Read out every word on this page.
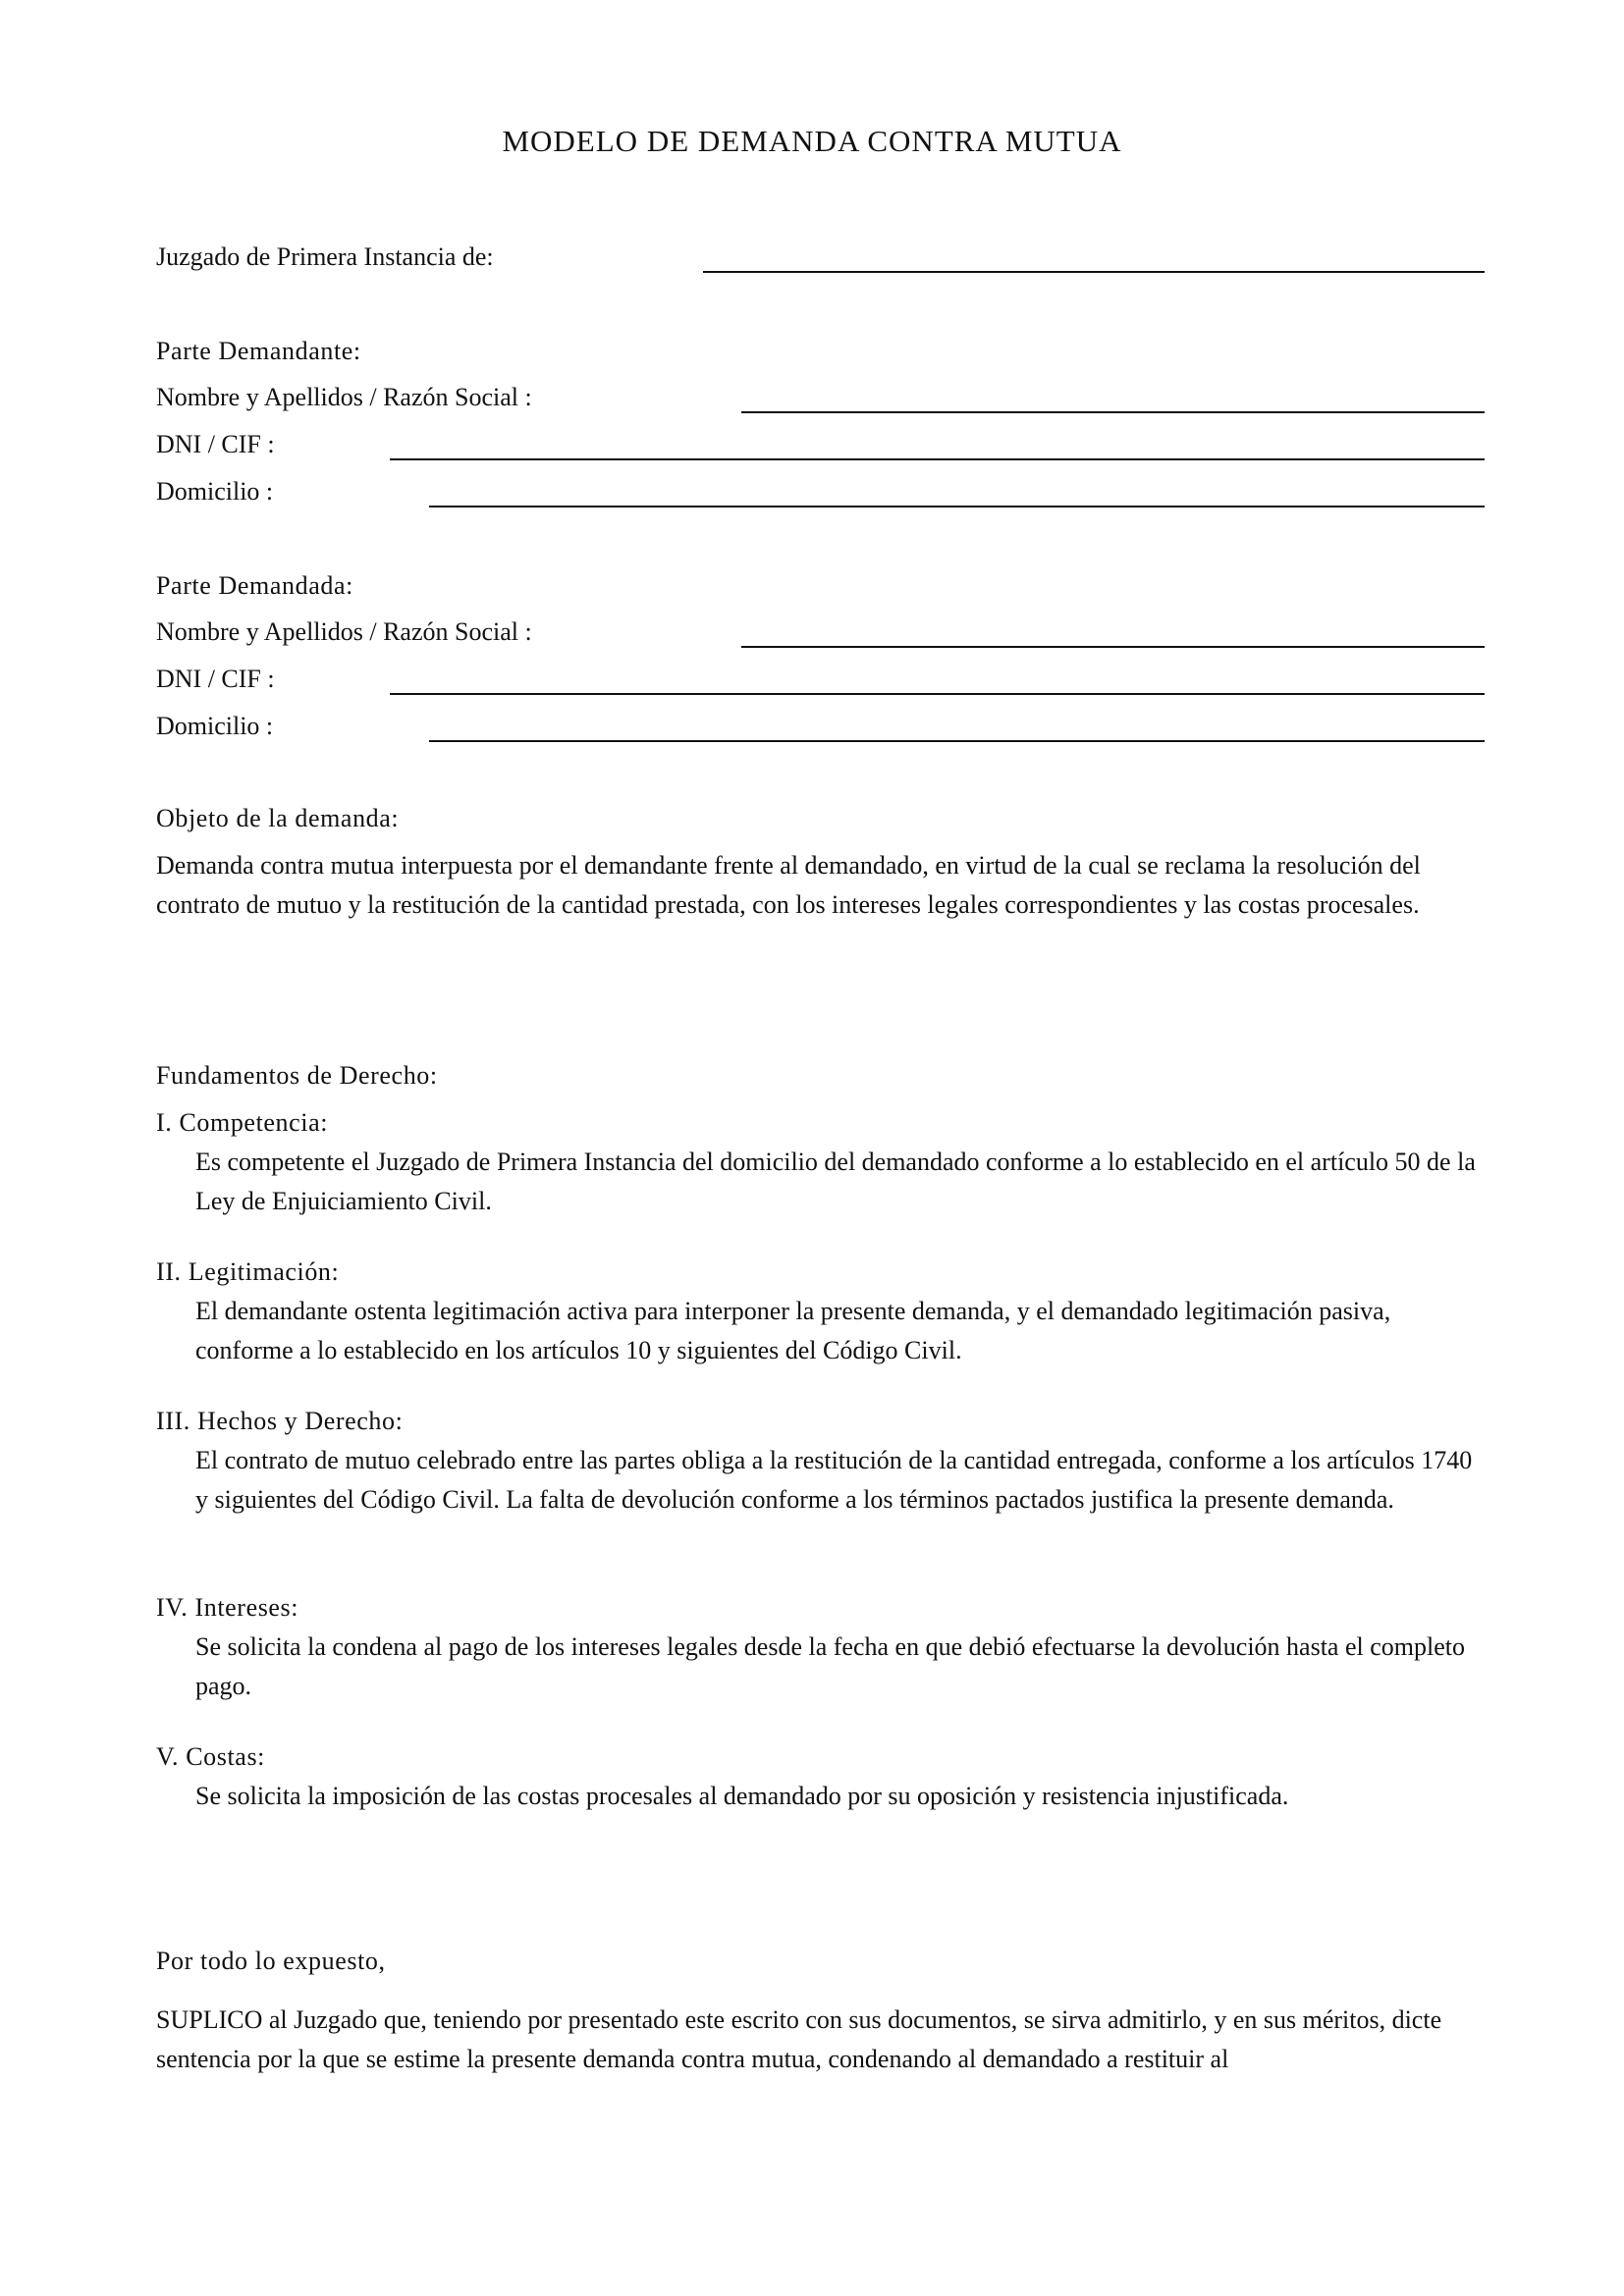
MODELO DE DEMANDA CONTRA MUTUA
Juzgado de Primera Instancia de:
Parte Demandante:
Nombre y Apellidos / Razón Social :
DNI / CIF :
Domicilio :
Parte Demandada:
Nombre y Apellidos / Razón Social :
DNI / CIF :
Domicilio :
Objeto de la demanda:
Demanda contra mutua interpuesta por el demandante frente al demandado, en virtud de la cual se reclama la resolución del contrato de mutuo y la restitución de la cantidad prestada, con los intereses legales correspondientes y las costas procesales.
Fundamentos de Derecho:
I. Competencia:
Es competente el Juzgado de Primera Instancia del domicilio del demandado conforme a lo establecido en el artículo 50 de la Ley de Enjuiciamiento Civil.
II. Legitimación:
El demandante ostenta legitimación activa para interponer la presente demanda, y el demandado legitimación pasiva, conforme a lo establecido en los artículos 10 y siguientes del Código Civil.
III. Hechos y Derecho:
El contrato de mutuo celebrado entre las partes obliga a la restitución de la cantidad entregada, conforme a los artículos 1740 y siguientes del Código Civil. La falta de devolución conforme a los términos pactados justifica la presente demanda.
IV. Intereses:
Se solicita la condena al pago de los intereses legales desde la fecha en que debió efectuarse la devolución hasta el completo pago.
V. Costas:
Se solicita la imposición de las costas procesales al demandado por su oposición y resistencia injustificada.
Por todo lo expuesto,
SUPLICO al Juzgado que, teniendo por presentado este escrito con sus documentos, se sirva admitirlo, y en sus méritos, dicte sentencia por la que se estime la presente demanda contra mutua, condenando al demandado a restituir al
